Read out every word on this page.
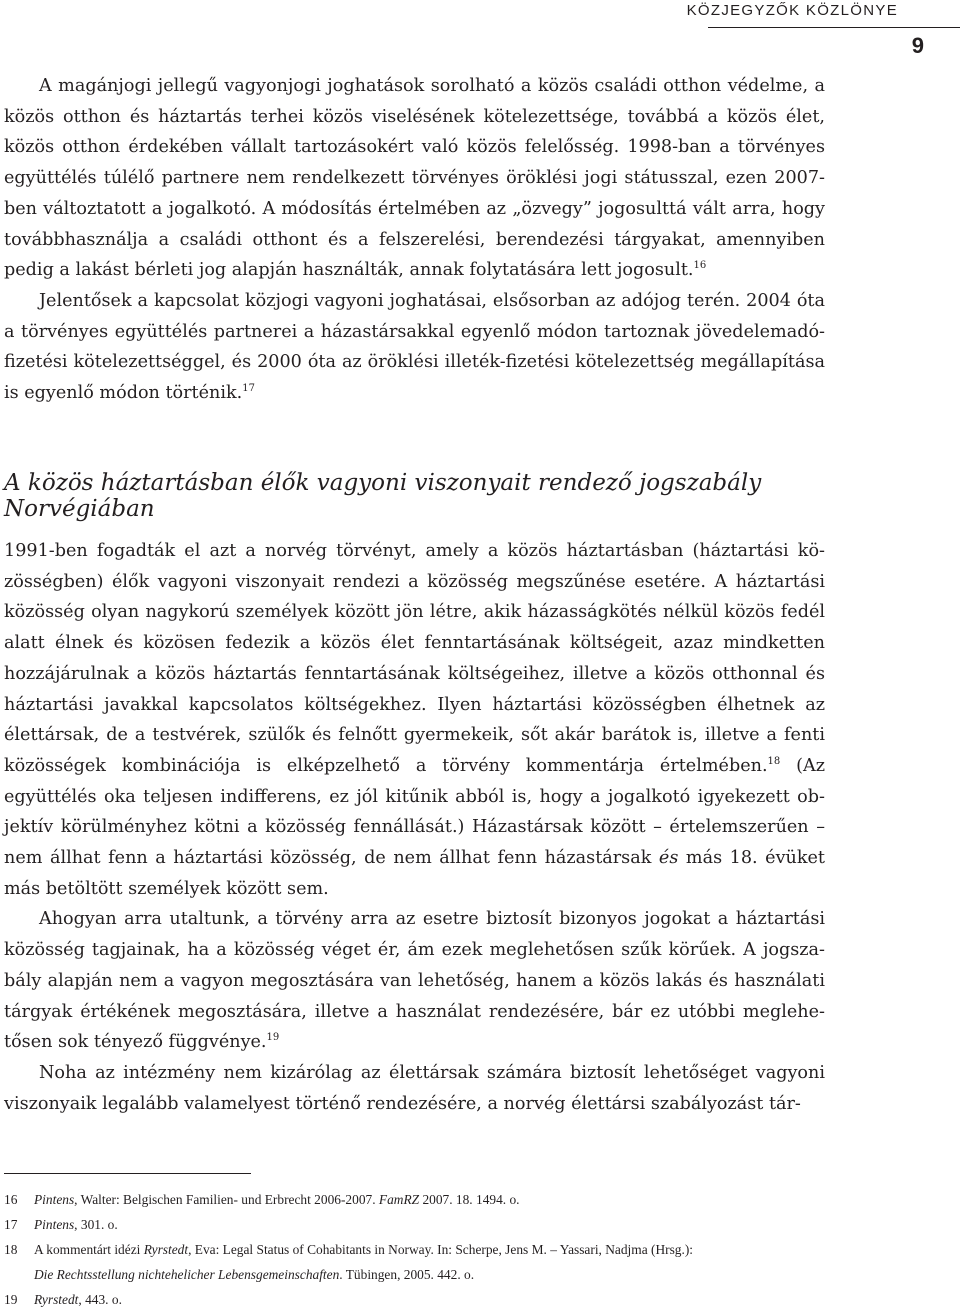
KÖZJEGYZŐK KÖZLÖNYE
9

A magánjogi jellegű vagyonjogi joghatások sorolható a közös családi otthon védelme, a közös otthon és háztartás terhei közös viselésének kötelezettsége, továbbá a közös élet, közös otthon érdekében vállalt tartozásokért való közös felelősség. 1998-ban a törvényes együttélés túlélő partnere nem rendelkezett törvényes öröklési jogi státusszal, ezen 2007-ben változtatott a jogalkotó. A módosítás értelmében az „özvegy” jogosulttá vált arra, hogy továbbhasználja a családi otthont és a felszerelési, berendezési tárgyakat, amennyiben pedig a lakást bérleti jog alapján használták, annak folytatására lett jogosult.$^{16}$

Jelentősek a kapcsolat közjogi vagyoni joghatásai, elsősorban az adójog terén. 2004 óta a törvényes együttélés partnerei a házastársakkal egyenlő módon tartoznak jövedelemadó-fizetési kötelezettséggel, és 2000 óta az öröklési illeték-fizetési kötelezettség megállapítása is egyenlő módon történik.$^{17}$

A közös háztartásban élők vagyoni viszonyait rendező jogszabály Norvégiában

1991-ben fogadták el azt a norvég törvényt, amely a közös háztartásban (háztartási közösségben) élők vagyoni viszonyait rendezi a közösség megszűnése esetére. A háztartási közösség olyan nagykorú személyek között jön létre, akik házasságkötés nélkül közös fedél alatt élnek és közösen fedezik a közös élet fenntartásának költségeit, azaz mindketten hozzájárulnak a közös háztartás fenntartásának költségeihez, illetve a közös otthonnal és háztartási javakkal kapcsolatos költségekhez. Ilyen háztartási közösségben élhetnek az élettársak, de a testvérek, szülők és felnőtt gyermekeik, sőt akár barátok is, illetve a fenti közösségek kombinációja is elképzelhető a törvény kommentárja értelmében.$^{18}$ (Az együttélés oka teljesen indifferens, ez jól kitűnik abból is, hogy a jogalkotó igyekezett objektív körülményhez kötni a közösség fennállását.) Házastársak között – értelemszerűen – nem állhat fenn a háztartási közösség, de nem állhat fenn házastársak és más 18. évüket más betöltött személyek között sem.

Ahogyan arra utaltunk, a törvény arra az esetre biztosít bizonyos jogokat a háztartási közösség tagjainak, ha a közösség véget ér, ám ezek meglehetősen szűk körűek. A jogszabály alapján nem a vagyon megosztására van lehetőség, hanem a közös lakás és használati tárgyak értékének megosztására, illetve a használat rendezésére, bár ez utóbbi meglehetősen sok tényező függvénye.$^{19}$

Noha az intézmény nem kizárólag az élettársak számára biztosít lehetőséget vagyoni viszonyaik legalább valamelyest történő rendezésére, a norvég élettársi szabályozást tár-

16 Pintens, Walter: Belgischen Familien- und Erbrecht 2006-2007. FamRZ 2007. 18. 1494. o.
17 Pintens, 301. o.
18 A kommentárt idézi Ryrstedt, Eva: Legal Status of Cohabitants in Norway. In: Scherpe, Jens M. – Yassari, Nadjma (Hrsg.):
Die Rechtsstellung nichtehelicher Lebensgemeinschaften. Tübingen, 2005. 442. o.
19 Ryrstedt, 443. o.
